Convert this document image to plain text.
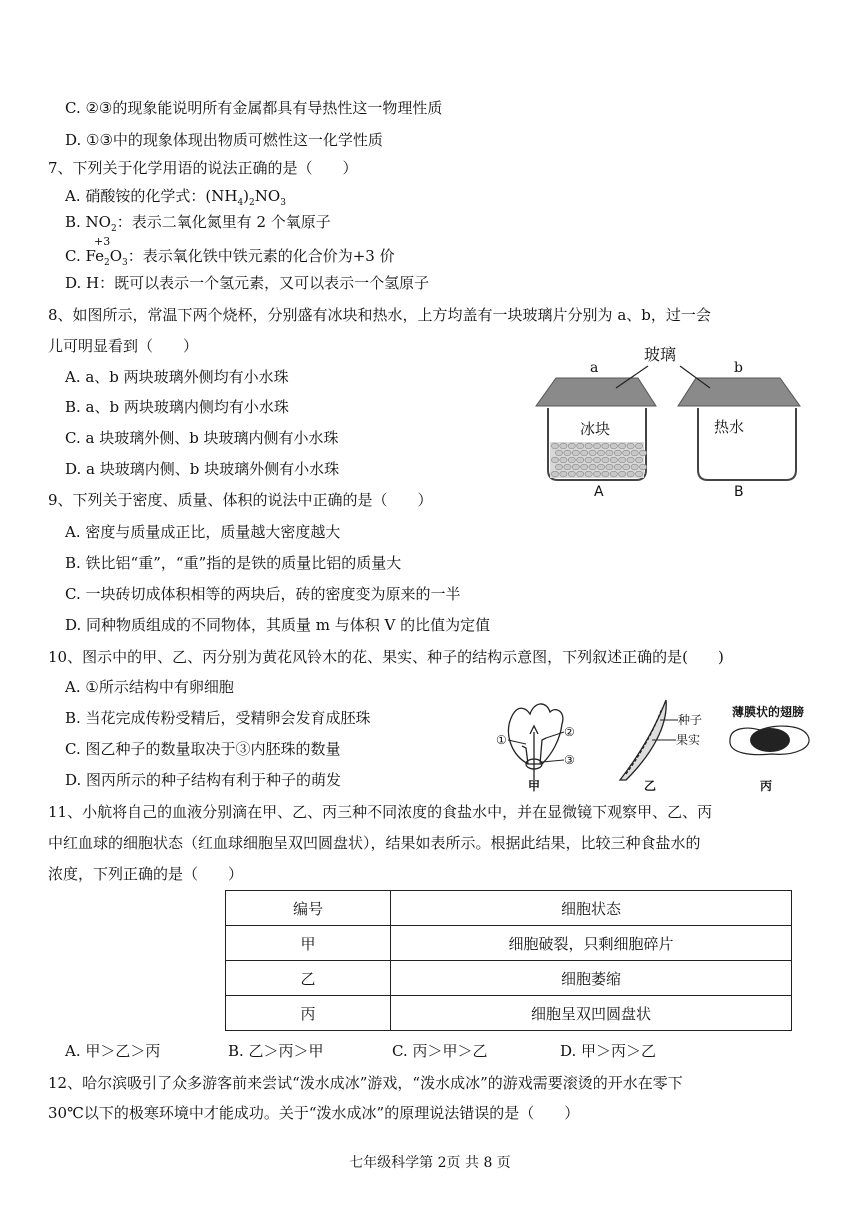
C. ②③的现象能说明所有金属都具有导热性这一物理性质
D. ①③中的现象体现出物质可燃性这一化学性质
7、下列关于化学用语的说法正确的是（　　）
A. 硝酸铵的化学式：$(NH_4)_2NO_3$
B. $NO_2$：表示二氧化氮里有 2 个氧原子
+3
C. $Fe_2O_3$：表示氧化铁中铁元素的化合价为+3 价
D. H：既可以表示一个氢元素，又可以表示一个氢原子
8、如图所示，常温下两个烧杯，分别盛有冰块和热水，上方均盖有一块玻璃片分别为 a、b，过一会
儿可明显看到（　　）
A. a、b 两块玻璃外侧均有小水珠
B. a、b 两块玻璃内侧均有小水珠
C. a 块玻璃外侧、b 块玻璃内侧有小水珠
D. a 块玻璃内侧、b 块玻璃外侧有小水珠
冰块
a
A
热水
b
B
玻璃
9、下列关于密度、质量、体积的说法中正确的是（　　）
A. 密度与质量成正比，质量越大密度越大
B. 铁比铝“重”，“重”指的是铁的质量比铝的质量大
C. 一块砖切成体积相等的两块后，砖的密度变为原来的一半
D. 同种物质组成的不同物体，其质量 m 与体积 V 的比值为定值
10、图示中的甲、乙、丙分别为黄花风铃木的花、果实、种子的结构示意图，下列叙述正确的是(　　)
A. ①所示结构中有卵细胞
B. 当花完成传粉受精后，受精卵会发育成胚珠
C. 图乙种子的数量取决于③内胚珠的数量
D. 图丙所示的种子结构有利于种子的萌发
①
②
③
甲
种子
果实
乙
薄膜状的翅膀
丙
11、小航将自己的血液分别滴在甲、乙、丙三种不同浓度的食盐水中，并在显微镜下观察甲、乙、丙
中红血球的细胞状态（红血球细胞呈双凹圆盘状），结果如表所示。根据此结果，比较三种食盐水的
浓度，下列正确的是（　　）
编号	细胞状态
甲	细胞破裂，只剩细胞碎片
乙	细胞萎缩
丙	细胞呈双凹圆盘状
A. 甲＞乙＞丙	B. 乙＞丙＞甲	C. 丙＞甲＞乙	D. 甲＞丙＞乙
12、哈尔滨吸引了众多游客前来尝试“泼水成冰”游戏，“泼水成冰”的游戏需要滚烫的开水在零下
30℃以下的极寒环境中才能成功。关于“泼水成冰”的原理说法错误的是（　　）
七年级科学第 2页 共 8 页
